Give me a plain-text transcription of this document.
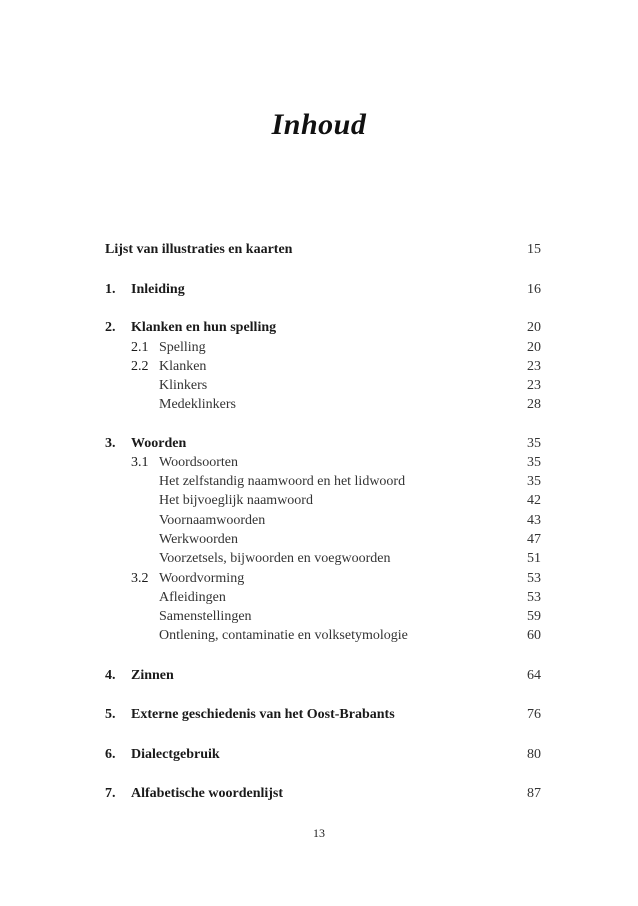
Inhoud
Lijst van illustraties en kaarten	15
1. Inleiding	16
2. Klanken en hun spelling	20
2.1 Spelling	20
2.2 Klanken	23
Klinkers	23
Medeklinkers	28
3. Woorden	35
3.1 Woordsoorten	35
Het zelfstandig naamwoord en het lidwoord	35
Het bijvoeglijk naamwoord	42
Voornaamwoorden	43
Werkwoorden	47
Voorzetsels, bijwoorden en voegwoorden	51
3.2 Woordvorming	53
Afleidingen	53
Samenstellingen	59
Ontlening, contaminatie en volksetymologie	60
4. Zinnen	64
5. Externe geschiedenis van het Oost-Brabants	76
6. Dialectgebruik	80
7. Alfabetische woordenlijst	87
13
